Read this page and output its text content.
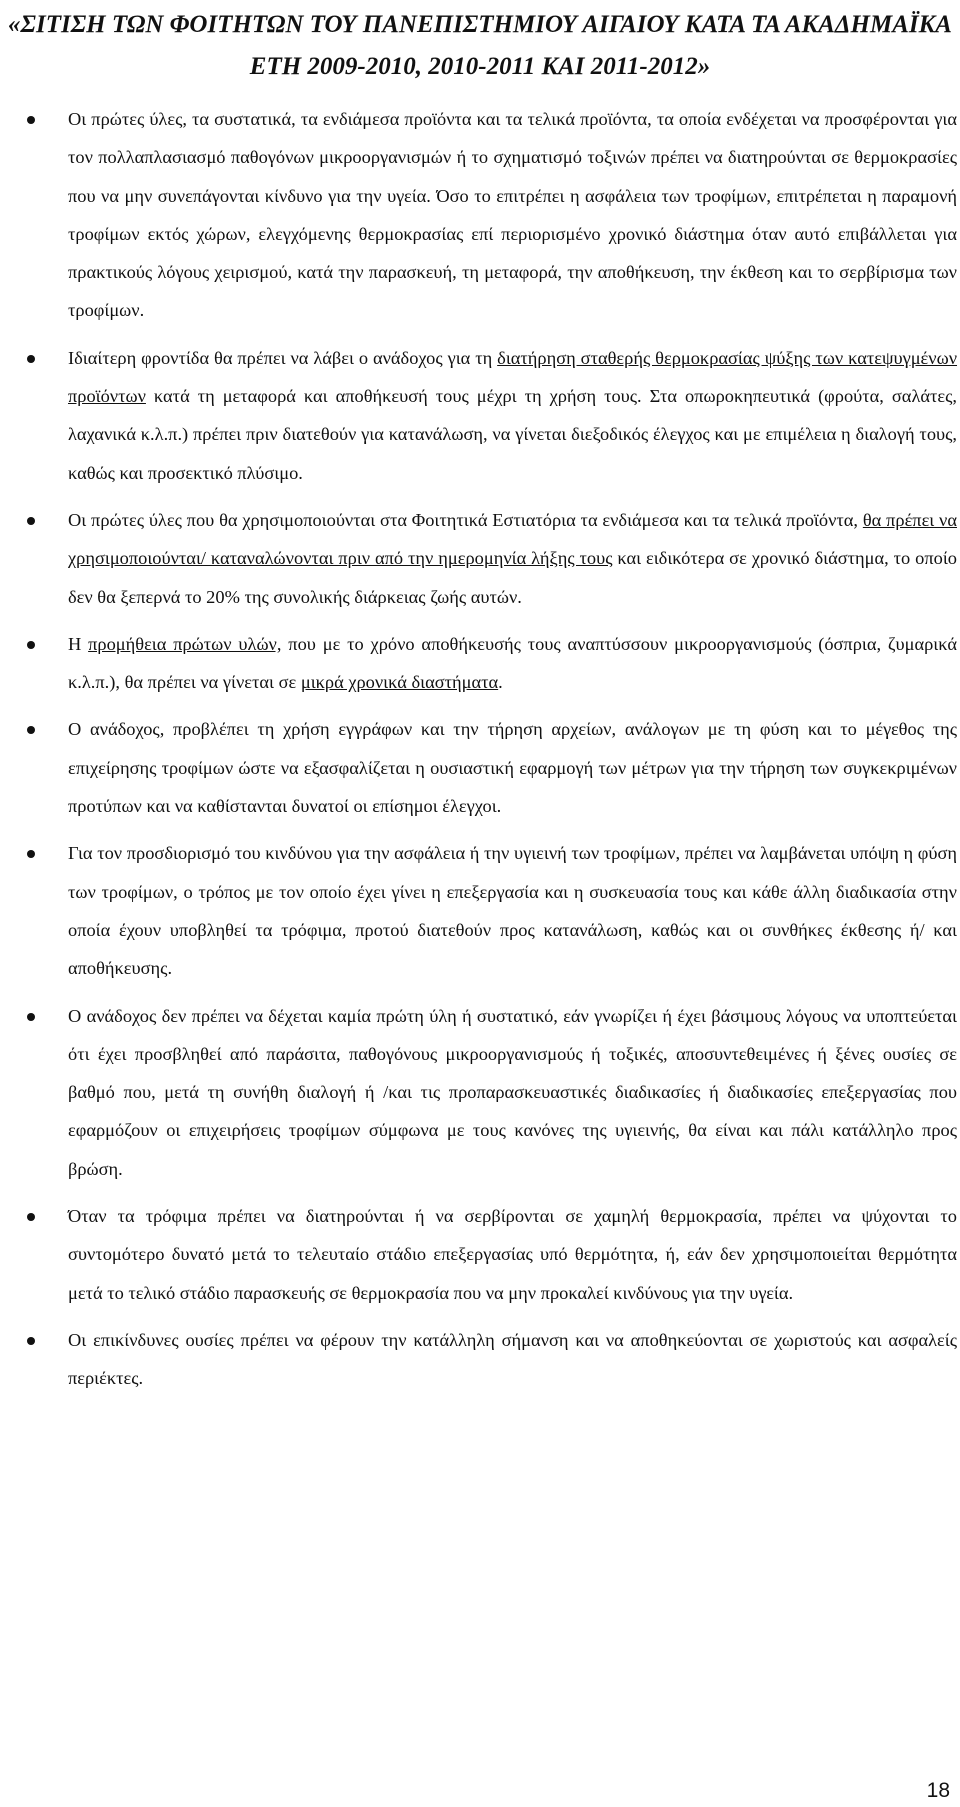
«ΣΙΤΙΣΗ ΤΩΝ ΦΟΙΤΗΤΩΝ ΤΟΥ ΠΑΝΕΠΙΣΤΗΜΙΟΥ ΑΙΓΑΙΟΥ ΚΑΤΑ ΤΑ ΑΚΑΔΗΜΑΪΚΑ
ΕΤΗ 2009-2010, 2010-2011 ΚΑΙ 2011-2012»
Οι πρώτες ύλες, τα συστατικά, τα ενδιάμεσα προϊόντα και τα τελικά προϊόντα, τα οποία ενδέχεται να προσφέρονται για τον πολλαπλασιασμό παθογόνων μικροοργανισμών ή το σχηματισμό τοξινών πρέπει να διατηρούνται σε θερμοκρασίες που να μην συνεπάγονται κίνδυνο για την υγεία. Όσο το επιτρέπει η ασφάλεια των τροφίμων, επιτρέπεται η παραμονή τροφίμων εκτός χώρων, ελεγχόμενης θερμοκρασίας επί περιορισμένο χρονικό διάστημα όταν αυτό επιβάλλεται για πρακτικούς λόγους χειρισμού, κατά την παρασκευή, τη μεταφορά, την αποθήκευση, την έκθεση και το σερβίρισμα των τροφίμων.
Ιδιαίτερη φροντίδα θα πρέπει να λάβει ο ανάδοχος για τη διατήρηση σταθερής θερμοκρασίας ψύξης των κατεψυγμένων προϊόντων κατά τη μεταφορά και αποθήκευσή τους μέχρι τη χρήση τους. Στα οπωροκηπευτικά (φρούτα, σαλάτες, λαχανικά κ.λ.π.) πρέπει πριν διατεθούν για κατανάλωση, να γίνεται διεξοδικός έλεγχος και με επιμέλεια η διαλογή τους, καθώς και προσεκτικό πλύσιμο.
Οι πρώτες ύλες που θα χρησιμοποιούνται στα Φοιτητικά Εστιατόρια τα ενδιάμεσα και τα τελικά προϊόντα, θα πρέπει να χρησιμοποιούνται/ καταναλώνονται πριν από την ημερομηνία λήξης τους και ειδικότερα σε χρονικό διάστημα, το οποίο δεν θα ξεπερνά το 20% της συνολικής διάρκειας ζωής αυτών.
Η προμήθεια πρώτων υλών, που με το χρόνο αποθήκευσής τους αναπτύσσουν μικροοργανισμούς (όσπρια, ζυμαρικά κ.λ.π.), θα πρέπει να γίνεται σε μικρά χρονικά διαστήματα.
Ο ανάδοχος, προβλέπει τη χρήση εγγράφων και την τήρηση αρχείων, ανάλογων με τη φύση και το μέγεθος της επιχείρησης τροφίμων ώστε να εξασφαλίζεται η ουσιαστική εφαρμογή των μέτρων για την τήρηση των συγκεκριμένων προτύπων και να καθίστανται δυνατοί οι επίσημοι έλεγχοι.
Για τον προσδιορισμό του κινδύνου για την ασφάλεια ή την υγιεινή των τροφίμων, πρέπει να λαμβάνεται υπόψη η φύση των τροφίμων, ο τρόπος με τον οποίο έχει γίνει η επεξεργασία και η συσκευασία τους και κάθε άλλη διαδικασία στην οποία έχουν υποβληθεί τα τρόφιμα, προτού διατεθούν προς κατανάλωση, καθώς και οι συνθήκες έκθεσης ή/ και αποθήκευσης.
Ο ανάδοχος δεν πρέπει να δέχεται καμία πρώτη ύλη ή συστατικό, εάν γνωρίζει ή έχει βάσιμους λόγους να υποπτεύεται ότι έχει προσβληθεί από παράσιτα, παθογόνους μικροοργανισμούς ή τοξικές, αποσυντεθειμένες ή ξένες ουσίες σε βαθμό που, μετά τη συνήθη διαλογή ή /και τις προπαρασκευαστικές διαδικασίες ή διαδικασίες επεξεργασίας που εφαρμόζουν οι επιχειρήσεις τροφίμων σύμφωνα με τους κανόνες της υγιεινής, θα είναι και πάλι κατάλληλο προς βρώση.
Όταν τα τρόφιμα πρέπει να διατηρούνται ή να σερβίρονται σε χαμηλή θερμοκρασία, πρέπει να ψύχονται το συντομότερο δυνατό μετά το τελευταίο στάδιο επεξεργασίας υπό θερμότητα, ή, εάν δεν χρησιμοποιείται θερμότητα μετά το τελικό στάδιο παρασκευής σε θερμοκρασία που να μην προκαλεί κινδύνους για την υγεία.
Οι επικίνδυνες ουσίες πρέπει να φέρουν την κατάλληλη σήμανση και να αποθηκεύονται σε χωριστούς και ασφαλείς περιέκτες.
18
